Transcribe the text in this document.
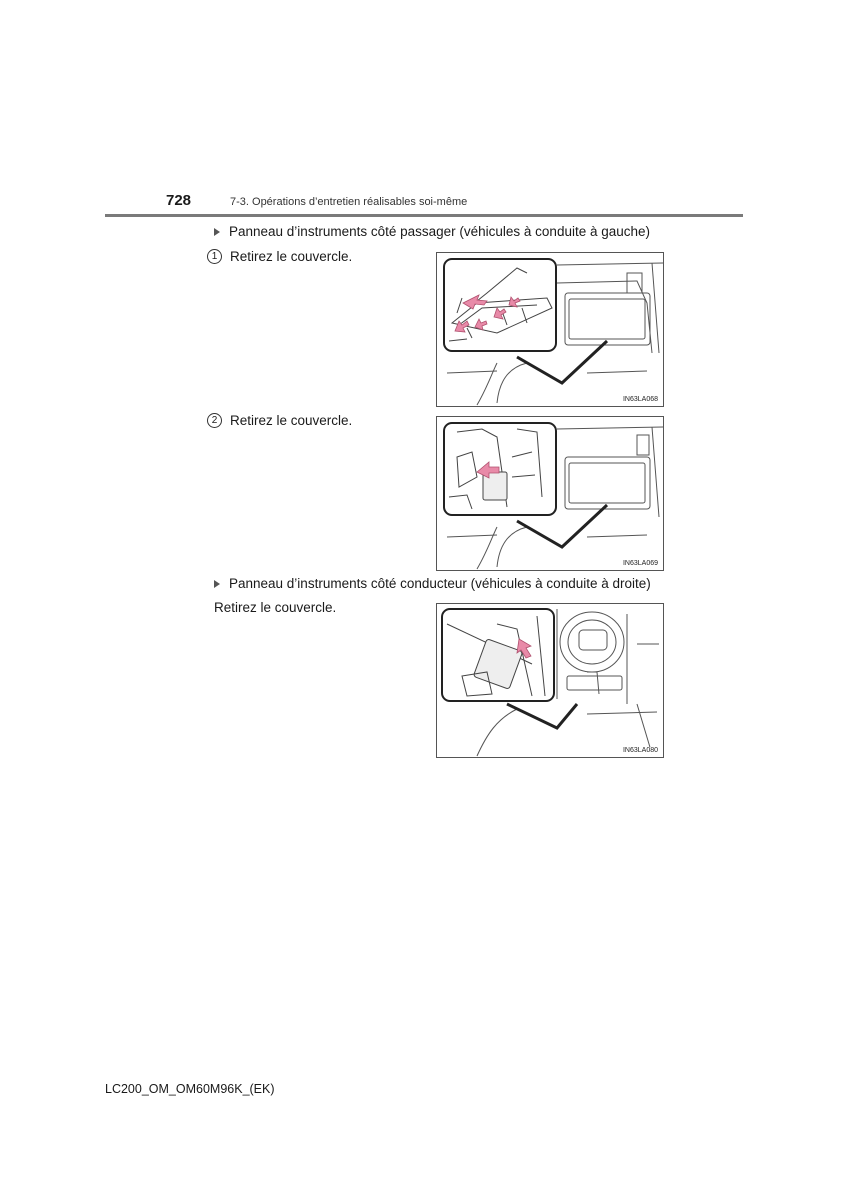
728	7-3. Opérations d’entretien réalisables soi-même
Panneau d’instruments côté passager (véhicules à conduite à gauche)
1 Retirez le couvercle.
IN63LA068
2 Retirez le couvercle.
IN63LA069
Panneau d’instruments côté conducteur (véhicules à conduite à droite)
Retirez le couvercle.
IN63LA080
LC200_OM_OM60M96K_(EK)
